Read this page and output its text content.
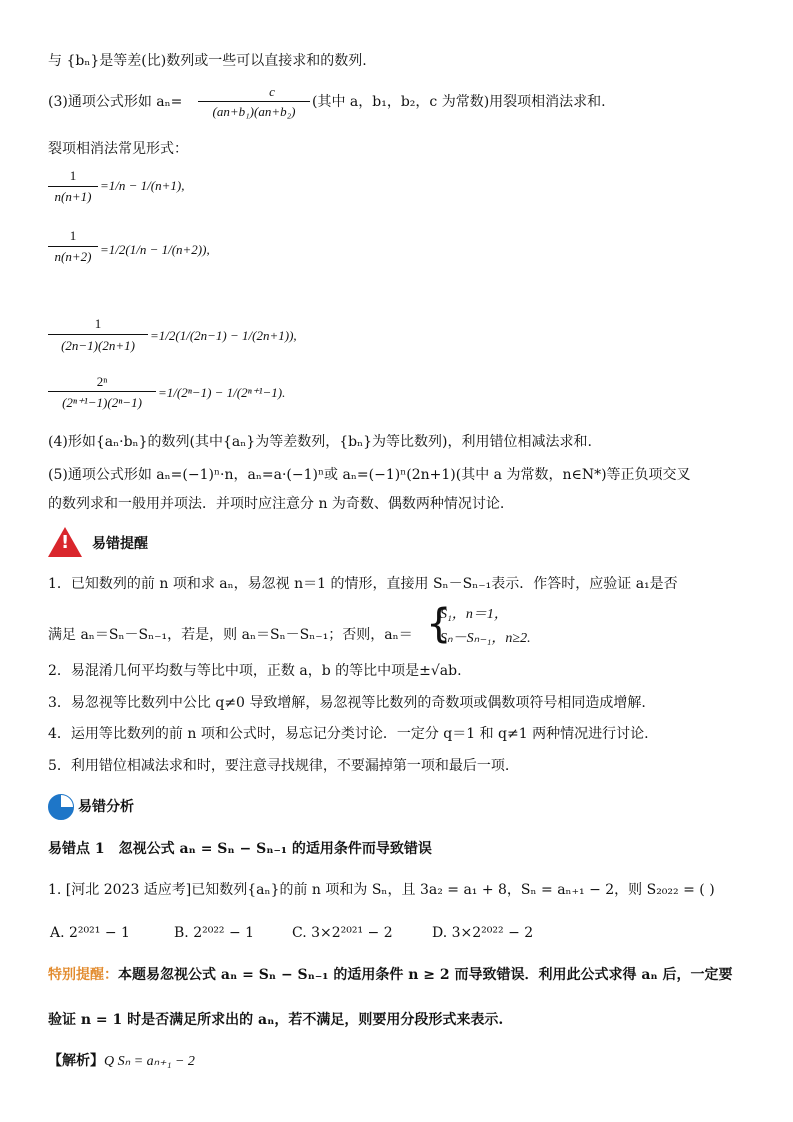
与 {bₙ}是等差(比)数列或一些可以直接求和的数列.
(3)通项公式形如 aₙ=
c
(an+b₁)(an+b₂)
(其中 a，b₁，b₂，c 为常数)用裂项相消法求和.
裂项相消法常见形式：
1
n(n+1)
=1/n − 1/(n+1),
1
n(n+2) =1/2(1/n − 1/(n+2)),
1
(2n−1)(2n+1)
=1/2(1/(2n−1) − 1/(2n+1)),
2ⁿ
(2ⁿ⁺¹−1)(2ⁿ−1)
=1/(2ⁿ−1) − 1/(2ⁿ⁺¹−1).
(4)形如{aₙ·bₙ}的数列(其中{aₙ}为等差数列，{bₙ}为等比数列)，利用错位相减法求和.
(5)通项公式形如 aₙ=(−1)ⁿ·n，aₙ=a·(−1)ⁿ或 aₙ=(−1)ⁿ(2n+1)(其中 a 为常数，n∈N*)等正负项交叉
的数列求和一般用并项法．并项时应注意分 n 为奇数、偶数两种情况讨论.
! 易错提醒
1．已知数列的前 n 项和求 aₙ，易忽视 n＝1 的情形，直接用 Sₙ－Sₙ₋₁表示．作答时，应验证 a₁是否
满足 aₙ＝Sₙ－Sₙ₋₁，若是，则 aₙ＝Sₙ－Sₙ₋₁；否则，aₙ＝ {
S₁，n＝1，
Sₙ－Sₙ₋₁，n≥2.
2．易混淆几何平均数与等比中项，正数 a，b 的等比中项是±√ab.
3．易忽视等比数列中公比 q≠0 导致增解，易忽视等比数列的奇数项或偶数项符号相同造成增解.
4．运用等比数列的前 n 项和公式时，易忘记分类讨论．一定分 q＝1 和 q≠1 两种情况进行讨论.
5．利用错位相减法求和时，要注意寻找规律，不要漏掉第一项和最后一项.
易错分析
易错点 1　忽视公式 aₙ = Sₙ − Sₙ₋₁ 的适用条件而导致错误
1. [河北 2023 适应考]已知数列{aₙ}的前 n 项和为 Sₙ，且 3a₂ = a₁ + 8，Sₙ = aₙ₊₁ − 2，则 S₂₀₂₂ = ( )
A. 2²⁰²¹ − 1	B. 2²⁰²² − 1	C. 3×2²⁰²¹ − 2	D. 3×2²⁰²² − 2
特别提醒：本题易忽视公式 aₙ = Sₙ − Sₙ₋₁ 的适用条件 n ≥ 2 而导致错误．利用此公式求得 aₙ 后，一定要
验证 n = 1 时是否满足所求出的 aₙ，若不满足，则要用分段形式来表示.
【解析】Q Sₙ = aₙ₊₁ − 2
